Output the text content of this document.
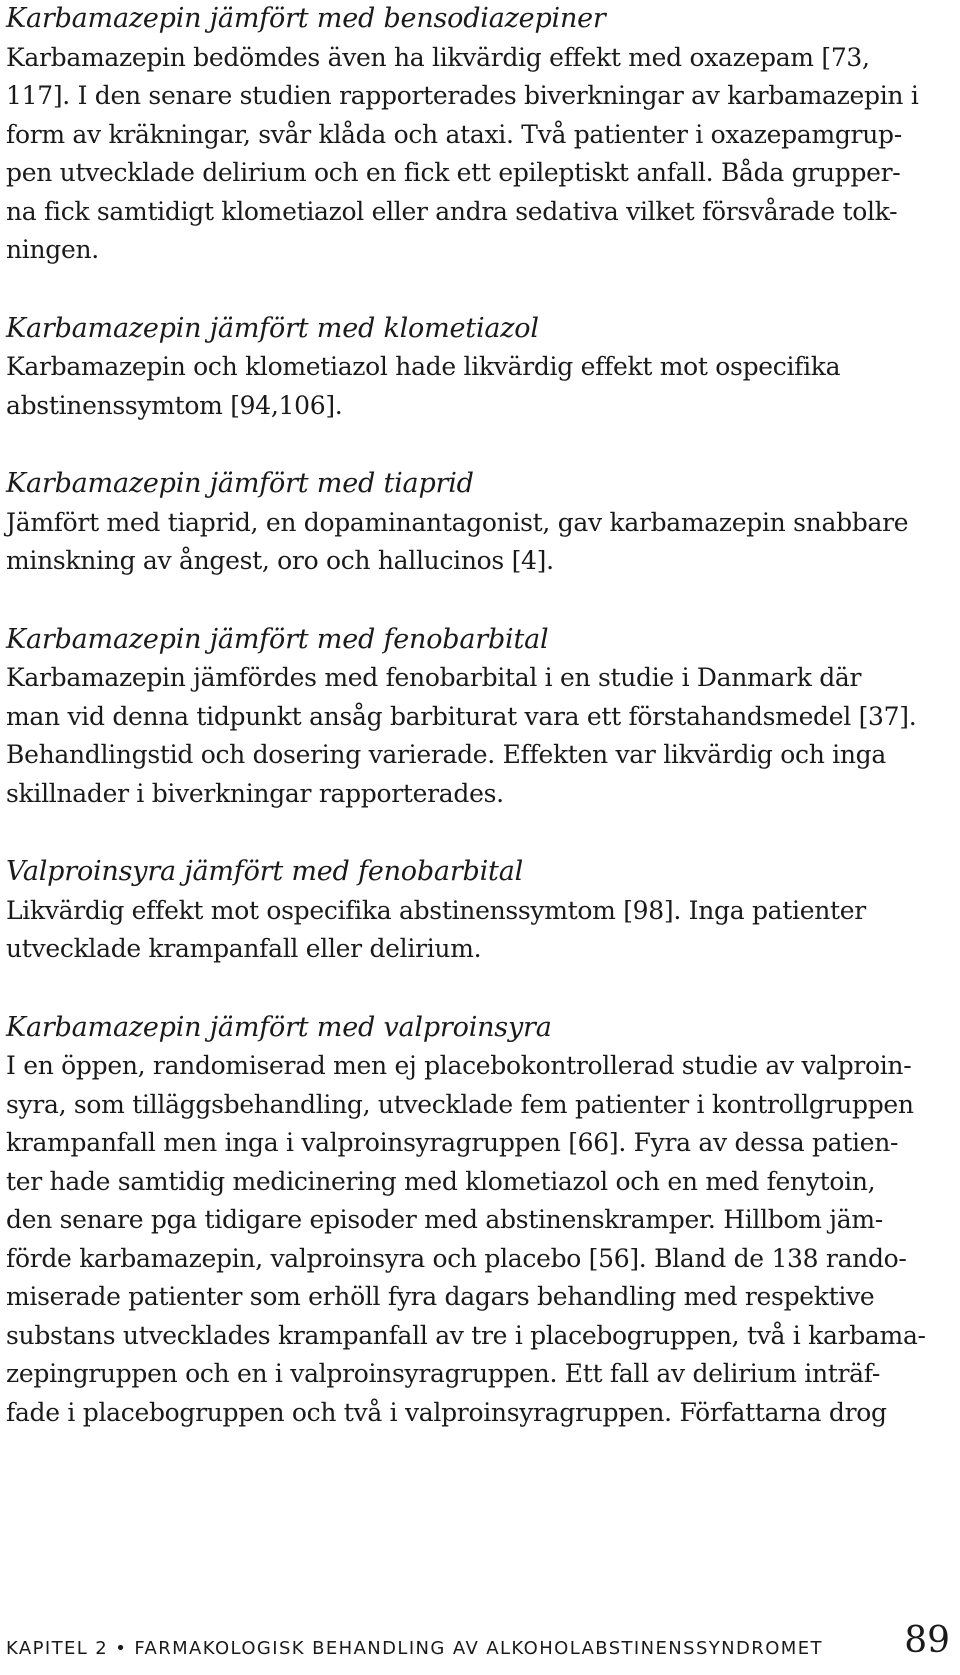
Karbamazepin jämfört med bensodiazepiner
Karbamazepin bedömdes även ha likvärdig effekt med oxazepam [73,
117]. I den senare studien rapporterades biverkningar av karbamazepin i
form av kräkningar, svår klåda och ataxi. Två patienter i oxazepamgrup-
pen utvecklade delirium och en fick ett epileptiskt anfall. Båda grupper-
na fick samtidigt klometiazol eller andra sedativa vilket försvårade tolk-
ningen.
Karbamazepin jämfört med klometiazol
Karbamazepin och klometiazol hade likvärdig effekt mot ospecifika
abstinenssymtom [94,106].
Karbamazepin jämfört med tiaprid
Jämfört med tiaprid, en dopaminantagonist, gav karbamazepin snabbare
minskning av ångest, oro och hallucinos [4].
Karbamazepin jämfört med fenobarbital
Karbamazepin jämfördes med fenobarbital i en studie i Danmark där
man vid denna tidpunkt ansåg barbiturat vara ett förstahandsmedel [37].
Behandlingstid och dosering varierade. Effekten var likvärdig och inga
skillnader i biverkningar rapporterades.
Valproinsyra jämfört med fenobarbital
Likvärdig effekt mot ospecifika abstinenssymtom [98]. Inga patienter
utvecklade krampanfall eller delirium.
Karbamazepin jämfört med valproinsyra
I en öppen, randomiserad men ej placebokontrollerad studie av valproin-
syra, som tilläggsbehandling, utvecklade fem patienter i kontrollgruppen
krampanfall men inga i valproinsyragruppen [66]. Fyra av dessa patien-
ter hade samtidig medicinering med klometiazol och en med fenytoin,
den senare pga tidigare episoder med abstinenskramper. Hillbom jäm-
förde karbamazepin, valproinsyra och placebo [56]. Bland de 138 rando-
miserade patienter som erhöll fyra dagars behandling med respektive
substans utvecklades krampanfall av tre i placebogruppen, två i karbama-
zepingruppen och en i valproinsyragruppen. Ett fall av delirium inträf-
fade i placebogruppen och två i valproinsyragruppen. Författarna drog
KAPITEL 2 • FARMAKOLOGISK BEHANDLING AV ALKOHOLABSTINENSSYNDROMET 89
